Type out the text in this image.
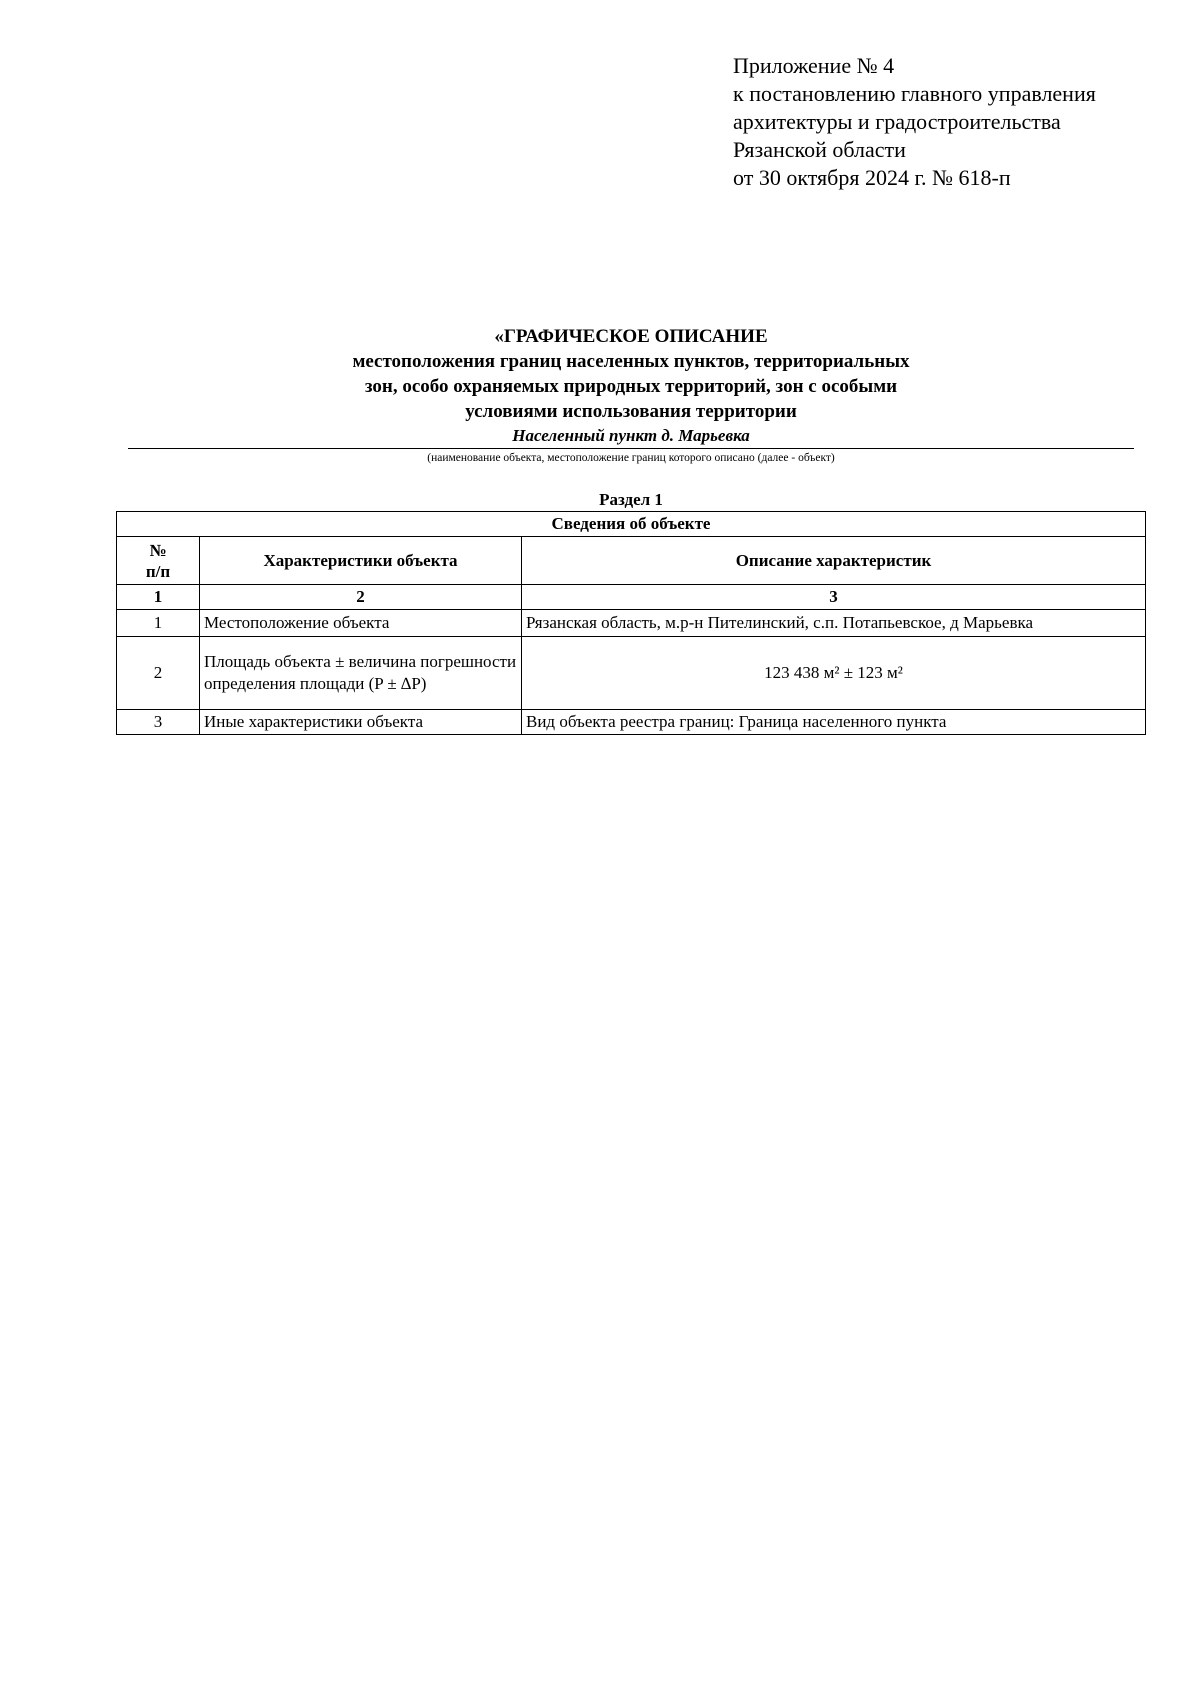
Приложение № 4
к постановлению главного управления
архитектуры и градостроительства
Рязанской области
от 30 октября 2024 г. № 618-п
«ГРАФИЧЕСКОЕ ОПИСАНИЕ
местоположения границ населенных пунктов, территориальных
зон, особо охраняемых природных территорий, зон с особыми
условиями использования территории
Населенный пункт д. Марьевка
(наименование объекта, местоположение границ которого описано (далее - объект)
Раздел 1
Сведения об объекте		
№
п/п	Характеристики объекта	Описание характеристик
1	2	3
1	Местоположение объекта	Рязанская область, м.р-н Пителинский, с.п. Потапьевское, д Марьевка
2	Площадь объекта ± величина погрешности определения площади (P ± ∆P)	123 438 м² ± 123 м²
3	Иные характеристики объекта	Вид объекта реестра границ: Граница населенного пункта
